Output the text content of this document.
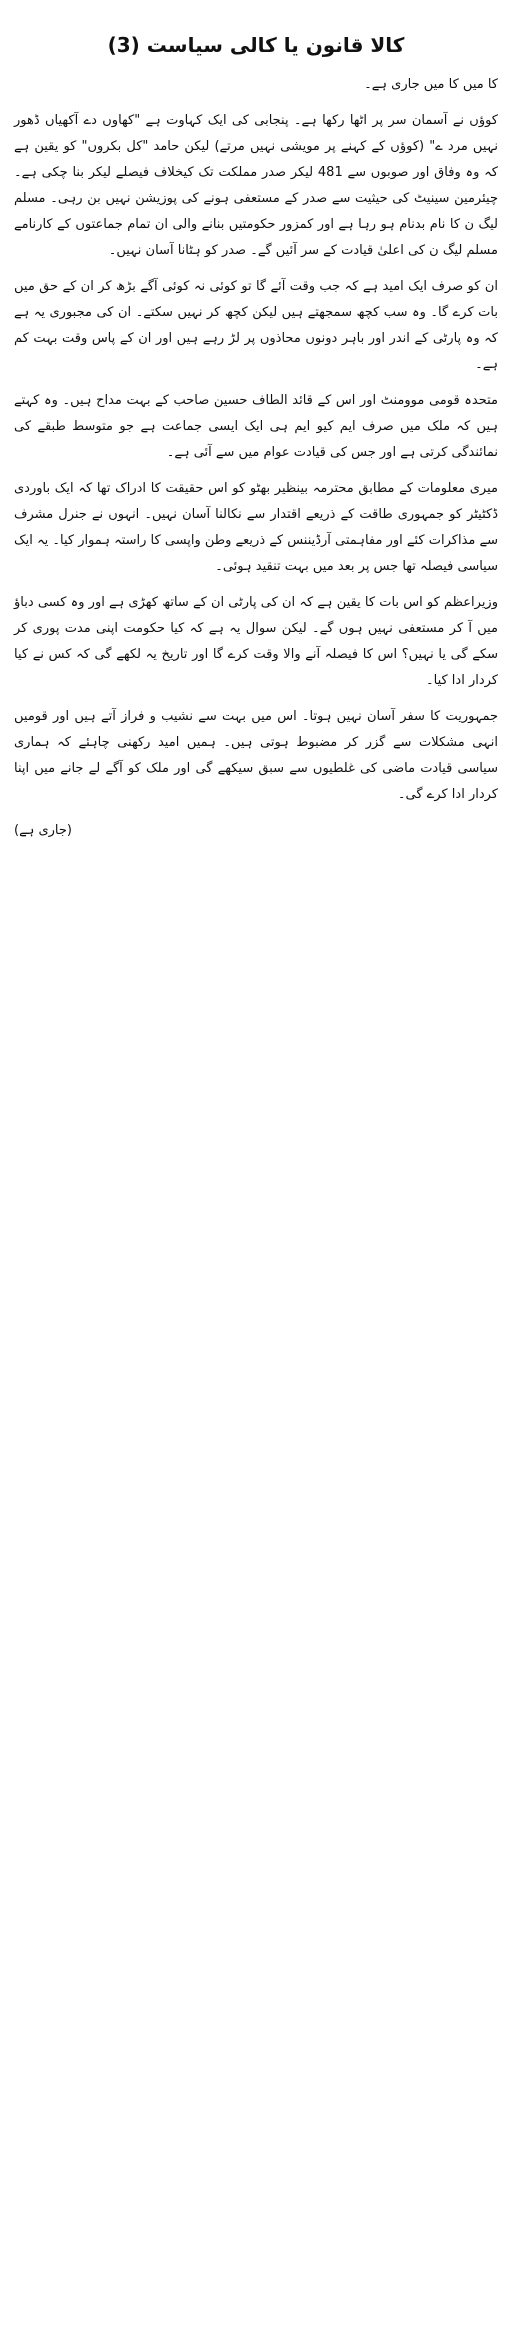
کالا قانون یا کالی سیاست (3)

کا میں کا میں جاری ہے۔

کوؤں نے آسمان سر پر اٹھا رکھا ہے۔ پنجابی کی ایک کہاوت ہے "کھاوں دے آکھیاں ڈھور نہیں مرد ے" (کوؤں کے کہنے پر مویشی نہیں مرتے) لیکن حامد "کل بکروں" کو یقین ہے کہ وہ وفاق اور صوبوں سے 481 لیکر صدر مملکت تک کیخلاف فیصلے لیکر بنا چکی ہے۔ چیئرمین سینیٹ کی حیثیت سے صدر کے مستعفی ہونے کی پوزیشن نہیں بن رہی۔ مسلم لیگ ن کا نام بدنام ہو رہا ہے اور کمزور حکومتیں بنانے والی ان تمام جماعتوں کے کارنامے مسلم لیگ ن کی اعلیٰ قیادت کے سر آئیں گے۔ صدر کو ہٹانا آسان نہیں۔

ان کو صرف ایک امید ہے کہ جب وقت آئے گا تو کوئی نہ کوئی آگے بڑھ کر ان کے حق میں بات کرے گا۔ وہ سب کچھ سمجھتے ہیں لیکن کچھ کر نہیں سکتے۔ ان کی مجبوری یہ ہے کہ وہ پارٹی کے اندر اور باہر دونوں محاذوں پر لڑ رہے ہیں اور ان کے پاس وقت بہت کم ہے۔

متحدہ قومی موومنٹ اور اس کے قائد الطاف حسین صاحب کے بہت مداح ہیں۔ وہ کہتے ہیں کہ ملک میں صرف ایم کیو ایم ہی ایک ایسی جماعت ہے جو متوسط طبقے کی نمائندگی کرتی ہے اور جس کی قیادت عوام میں سے آئی ہے۔

میری معلومات کے مطابق محترمہ بینظیر بھٹو کو اس حقیقت کا ادراک تھا کہ ایک باوردی ڈکٹیٹر کو جمہوری طاقت کے ذریعے اقتدار سے نکالنا آسان نہیں۔ انہوں نے جنرل مشرف سے مذاکرات کئے اور مفاہمتی آرڈیننس کے ذریعے وطن واپسی کا راستہ ہموار کیا۔ یہ ایک سیاسی فیصلہ تھا جس پر بعد میں بہت تنقید ہوئی۔

وزیراعظم کو اس بات کا یقین ہے کہ ان کی پارٹی ان کے ساتھ کھڑی ہے اور وہ کسی دباؤ میں آ کر مستعفی نہیں ہوں گے۔ لیکن سوال یہ ہے کہ کیا حکومت اپنی مدت پوری کر سکے گی یا نہیں؟ اس کا فیصلہ آنے والا وقت کرے گا اور تاریخ یہ لکھے گی کہ کس نے کیا کردار ادا کیا۔

جمہوریت کا سفر آسان نہیں ہوتا۔ اس میں بہت سے نشیب و فراز آتے ہیں اور قومیں انہی مشکلات سے گزر کر مضبوط ہوتی ہیں۔ ہمیں امید رکھنی چاہئے کہ ہماری سیاسی قیادت ماضی کی غلطیوں سے سبق سیکھے گی اور ملک کو آگے لے جانے میں اپنا کردار ادا کرے گی۔

(جاری ہے)
